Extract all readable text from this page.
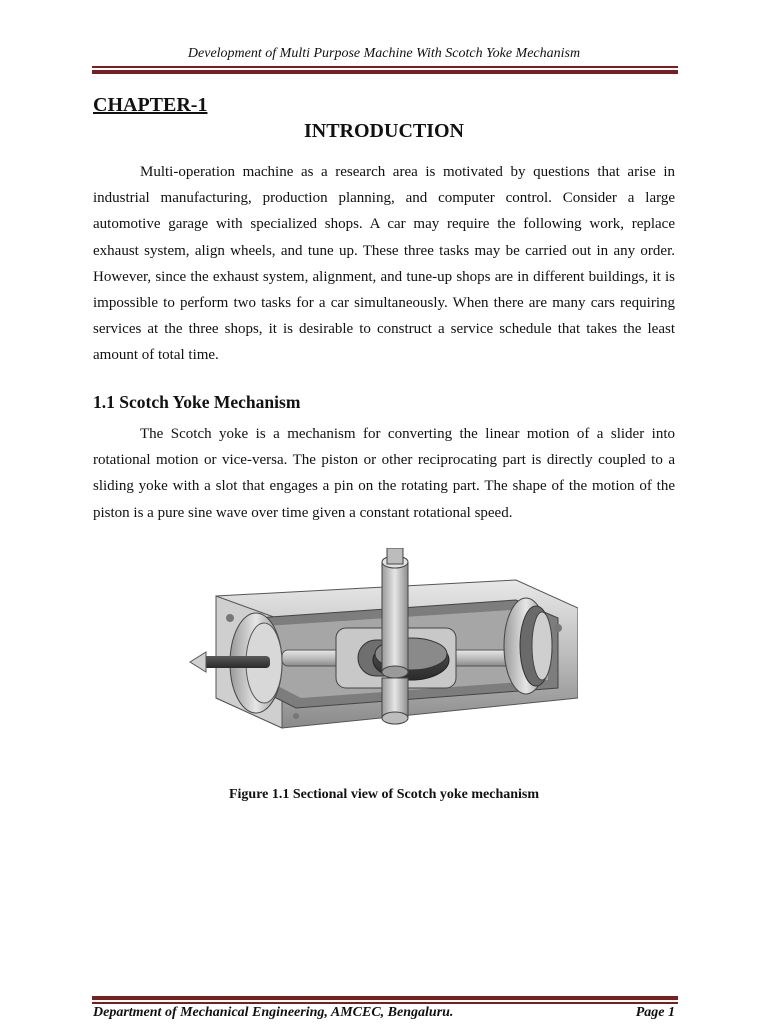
Development of Multi Purpose Machine With Scotch Yoke Mechanism
CHAPTER-1
INTRODUCTION

Multi-operation machine as a research area is motivated by questions that arise in industrial manufacturing, production planning, and computer control. Consider a large automotive garage with specialized shops. A car may require the following work, replace exhaust system, align wheels, and tune up. These three tasks may be carried out in any order. However, since the exhaust system, alignment, and tune-up shops are in different buildings, it is impossible to perform two tasks for a car simultaneously. When there are many cars requiring services at the three shops, it is desirable to construct a service schedule that takes the least amount of total time.

1.1 Scotch Yoke Mechanism

The Scotch yoke is a mechanism for converting the linear motion of a slider into rotational motion or vice-versa. The piston or other reciprocating part is directly coupled to a sliding yoke with a slot that engages a pin on the rotating part. The shape of the motion of the piston is a pure sine wave over time given a constant rotational speed.

Figure 1.1 Sectional view of Scotch yoke mechanism
Department of Mechanical Engineering, AMCEC, Bengaluru.	Page 1
